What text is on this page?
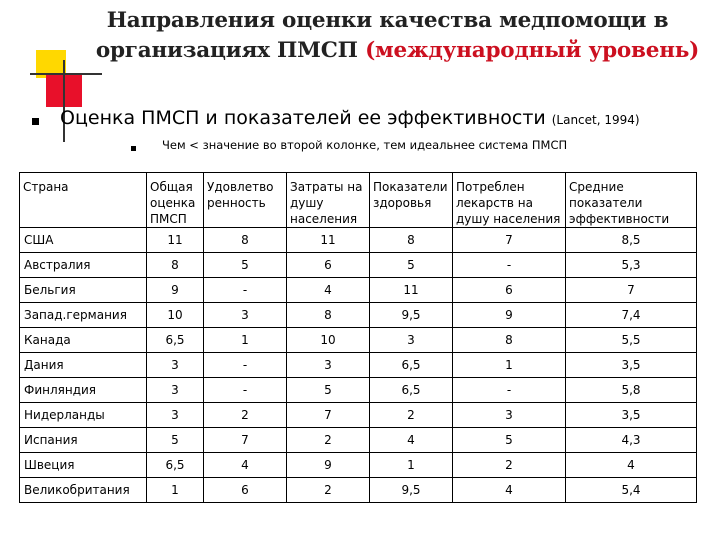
Направления оценки качества медпомощи в
организациях ПМСП (международный уровень)
Оценка ПМСП и показателей ее эффективности (Lancet, 1994)
Чем < значение во второй колонке, тем идеальнее система ПМСП
Страна	Общая оценка ПМСП	Удовлетво ренность	Затраты на душу населения	Показатели здоровья	Потреблен лекарств на душу населения	Средние показатели эффективности
США	11	8	11	8	7	8,5
Австралия	8	5	6	5	-	5,3
Бельгия	9	-	4	11	6	7
Запад.германия	10	3	8	9,5	9	7,4
Канада	6,5	1	10	3	8	5,5
Дания	3	-	3	6,5	1	3,5
Финляндия	3	-	5	6,5	-	5,8
Нидерланды	3	2	7	2	3	3,5
Испания	5	7	2	4	5	4,3
Швеция	6,5	4	9	1	2	4
Великобритания	1	6	2	9,5	4	5,4
